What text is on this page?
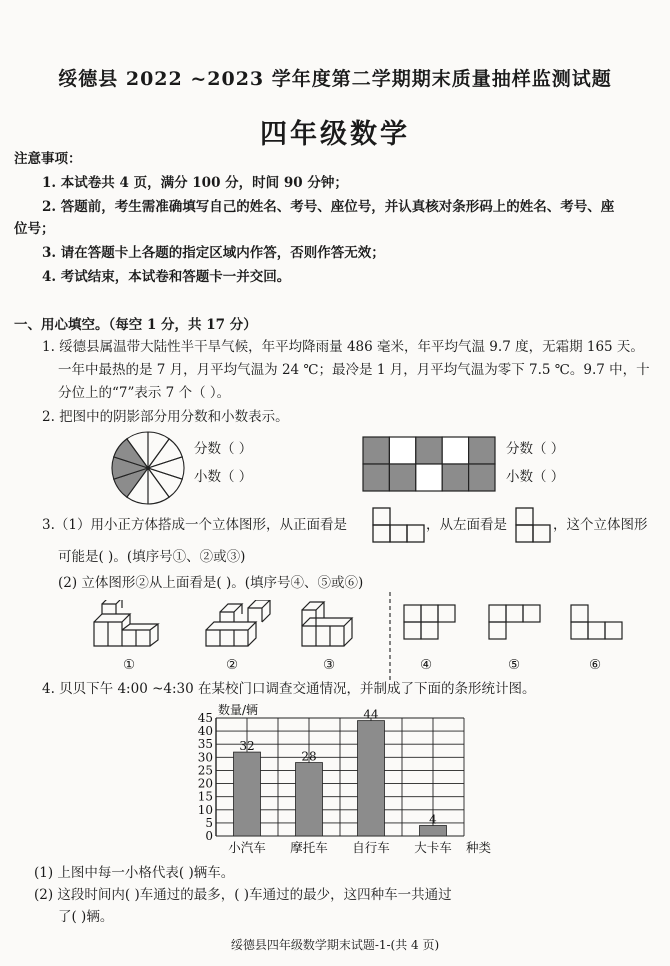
绥德县 2022 ~2023 学年度第二学期期末质量抽样监测试题
四年级数学
注意事项：
1. 本试卷共 4 页，满分 100 分，时间 90 分钟；
2. 答题前，考生需准确填写自己的姓名、考号、座位号，并认真核对条形码上的姓名、考号、座
位号；
3. 请在答题卡上各题的指定区域内作答，否则作答无效；
4. 考试结束，本试卷和答题卡一并交回。
一、用心填空。（每空 1 分，共 17 分）
1. 绥德县属温带大陆性半干旱气候，年平均降雨量 486 毫米，年平均气温 9.7 度，无霜期 165 天。
一年中最热的是 7 月，月平均气温为 24 ℃；最冷是 1 月，月平均气温为零下 7.5 ℃。9.7 中，十
分位上的“7”表示 7 个（ ）。
2. 把图中的阴影部分用分数和小数表示。
分数（ ）
小数（ ）
分数（ ）
小数（ ）
3.（1）用小正方体搭成一个立体图形，从正面看是	，从左面看是	，这个立体图形
可能是( )。(填序号①、②或③)
(2) 立体图形②从上面看是( )。(填序号④、⑤或⑥)
①	②	③	④	⑤	⑥
4. 贝贝下午 4:00 ~4:30 在某校门口调查交通情况，并制成了下面的条形统计图。
0
5
10
15
20
25
30
35
40
45
数量/辆
32
小汽车
28
摩托车
44
自行车
4
大卡车 种类
(1) 上图中每一小格代表( )辆车。
(2) 这段时间内( )车通过的最多，( )车通过的最少，这四种车一共通过
了( )辆。
绥德县四年级数学期末试题-1-(共 4 页)
